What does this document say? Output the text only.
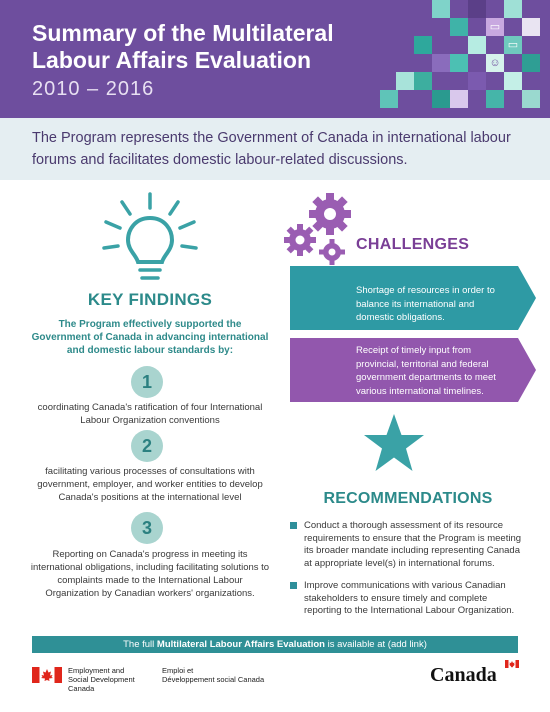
Summary of the Multilateral Labour Affairs Evaluation
2010 – 2016
▭
▭
☺
The Program represents the Government of Canada in international labour forums and facilitates domestic labour-related discussions.
KEY FINDINGS
The Program effectively supported the Government of Canada in advancing international and domestic labour standards by:
1
coordinating Canada's ratification of four International Labour Organization conventions
2
facilitating various processes of consultations with government, employer, and worker entities to develop Canada's positions at the international level
3
Reporting on Canada's progress in meeting its international obligations, including facilitating solutions to complaints made to the International Labour Organization by Canadian workers' organizations.
CHALLENGES
Shortage of resources in order to balance its international and domestic obligations.
Receipt of timely input from provincial, territorial and federal government departments to meet various international timelines.
RECOMMENDATIONS
Conduct a thorough assessment of its resource requirements to ensure that the Program is meeting its broader mandate including representing Canada at appropriate level(s) in international forums.
Improve communications with various Canadian stakeholders to ensure timely and complete reporting to the International Labour Organization.
The full Multilateral Labour Affairs Evaluation is available at (add link)
Employment and
Social Development Canada
Emploi et
Développement social Canada	Canada
